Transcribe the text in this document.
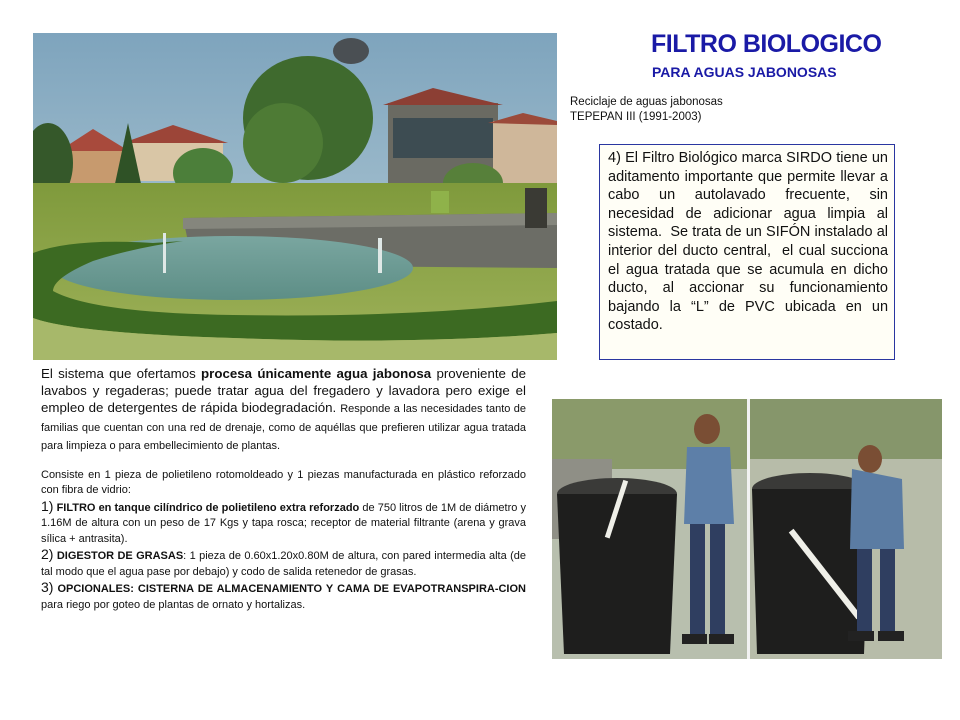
FILTRO BIOLOGICO
PARA AGUAS JABONOSAS
Reciclaje de aguas jabonosas
TEPEPAN III (1991-2003)
4) El Filtro Biológico marca SIRDO tiene un aditamento importante que permite llevar a cabo un autolavado frecuente, sin necesidad de adicionar agua limpia al sistema. Se trata de un SIFÓN instalado al interior del ducto central, el cual succiona el agua tratada que se acumula en dicho ducto, al accionar su funcionamiento bajando la “L” de PVC ubicada en un costado.

El sistema que ofertamos procesa únicamente agua jabonosa proveniente de lavabos y regaderas; puede tratar agua del fregadero y lavadora pero exige el empleo de detergentes de rápida biodegradación. Responde a las necesidades tanto de familias que cuentan con una red de drenaje, como de aquéllas que prefieren utilizar agua tratada para limpieza o para embellecimiento de plantas.

Consiste en 1 pieza de polietileno rotomoldeado y 1 piezas manufacturada en plástico reforzado con fibra de vidrio:

1) FILTRO en tanque cilíndrico de polietileno extra reforzado de 750 litros de 1M de diámetro y 1.16M de altura con un peso de 17 Kgs y tapa rosca; receptor de material filtrante (arena y grava sílica + antrasita).

2) DIGESTOR DE GRASAS: 1 pieza de 0.60x1.20x0.80M de altura, con pared intermedia alta (de tal modo que el agua pase por debajo) y codo de salida retenedor de grasas.

3) OPCIONALES: CISTERNA DE ALMACENAMIENTO Y CAMA DE EVAPOTRANSPIRA-CION para riego por goteo de plantas de ornato y hortalizas.
